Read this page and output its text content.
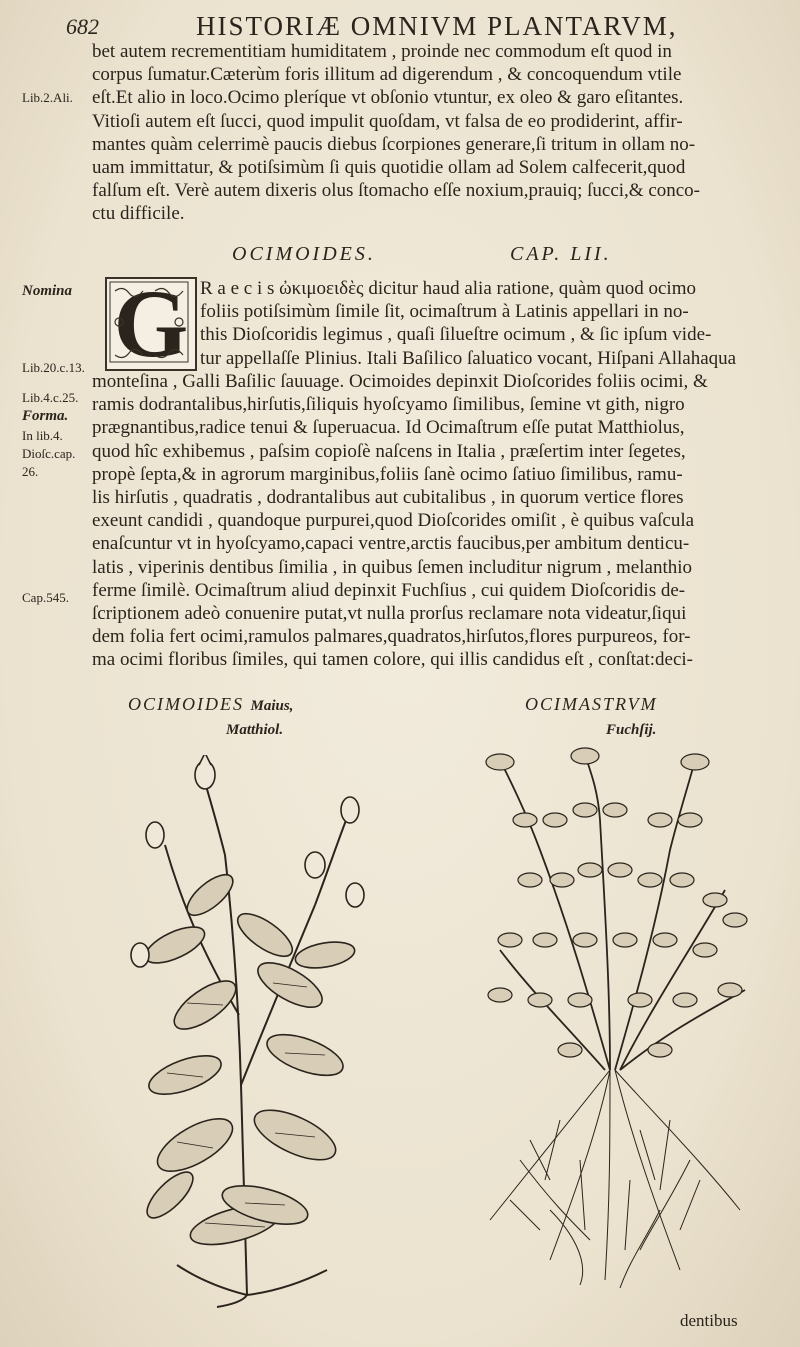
682	HISTORIÆ OMNIVM PLANTARVM,
bet autem recrementitiam humiditatem , proinde nec commodum eſt quod in
corpus ſumatur.Cæterùm foris illitum ad digerendum , & concoquendum vtile
eſt.Et alio in loco.Ocimo pleríque vt obſonio vtuntur, ex oleo & garo eſitantes.
Vitioſi autem eſt ſucci, quod impulit quoſdam, vt falsa de eo prodiderint, affir-
mantes quàm celerrimè paucis diebus ſcorpiones generare,ſi tritum in ollam no-
uam immittatur, & potiſsimùm ſi quis quotidie ollam ad Solem calfecerit,quod
falſum eſt. Verè autem dixeris olus ſtomacho eſſe noxium,prauiq; ſucci,& conco-
ctu difficile.
OCIMOIDES.	CAP. LII.
G R a e c i s ὠκιμοειδὲς dicitur haud alia ratione, quàm quod ocimo
foliis potiſsimùm ſimile ſit, ocimaſtrum à Latinis appellari in no-
this Dioſcoridis legimus , quaſi ſilueſtre ocimum , & ſic ipſum vide-
tur appellaſſe Plinius. Itali Baſilico ſaluatico vocant, Hiſpani Allahaqua
monteſina , Galli Baſilic ſauuage. Ocimoides depinxit Dioſcorides foliis ocimi, &
ramis dodrantalibus,hirſutis,ſiliquis hyoſcyamo ſimilibus, ſemine vt gith, nigro
prægnantibus,radice tenui & ſuperuacua. Id Ocimaſtrum eſſe putat Matthiolus,
quod hîc exhibemus , paſsim copioſè naſcens in Italia , præſertim inter ſegetes,
propè ſepta,& in agrorum marginibus,foliis ſanè ocimo ſatiuo ſimilibus, ramu-
lis hirſutis , quadratis , dodrantalibus aut cubitalibus , in quorum vertice flores
exeunt candidi , quandoque purpurei,quod Dioſcorides omiſit , è quibus vaſcula
enaſcuntur vt in hyoſcyamo,capaci ventre,arctis faucibus,per ambitum denticu-
latis , viperinis dentibus ſimilia , in quibus ſemen includitur nigrum , melanthio
ferme ſimilè. Ocimaſtrum aliud depinxit Fuchſius , cui quidem Dioſcoridis de-
ſcriptionem adeò conuenire putat,vt nulla prorſus reclamare nota videatur,ſiqui
dem folia fert ocimi,ramulos palmares,quadratos,hirſutos,flores purpureos, for-
ma ocimi floribus ſimiles, qui tamen colore, qui illis candidus eſt , conſtat:deci-
Lib.2.Ali.
Nomina
Lib.20.c.13.
Lib.4.c.25.
Forma.
In lib.4.
Dioſc.cap.
26.
Cap.545.
OCIMOIDES Maius,
Matthiol.
OCIMASTRVM
Fuchſij.
dentibus
